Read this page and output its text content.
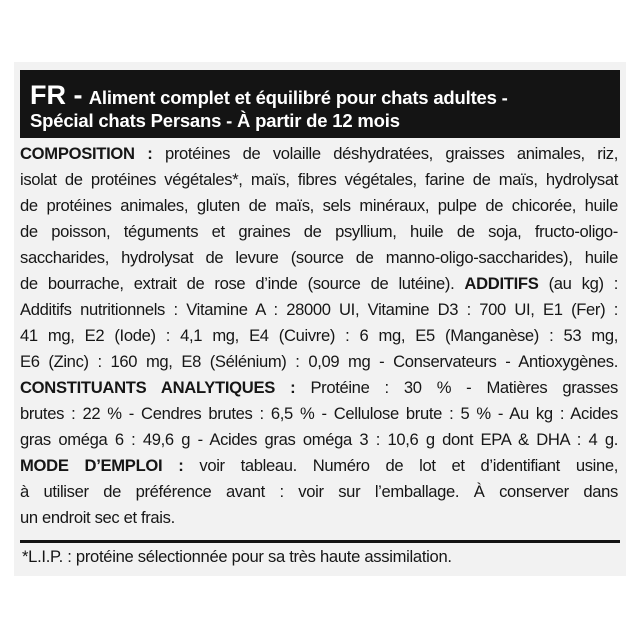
FR - Aliment complet et équilibré pour chats adultes -
Spécial chats Persans - À partir de 12 mois
COMPOSITION : protéines de volaille déshydratées, graisses animales, riz,
isolat de protéines végétales*, maïs, fibres végétales, farine de maïs, hydrolysat
de protéines animales, gluten de maïs, sels minéraux, pulpe de chicorée, huile
de poisson, téguments et graines de psyllium, huile de soja, fructo-oligo-
saccharides, hydrolysat de levure (source de manno-oligo-saccharides), huile
de bourrache, extrait de rose d’inde (source de lutéine). ADDITIFS (au kg) :
Additifs nutritionnels : Vitamine A : 28000 UI, Vitamine D3 : 700 UI, E1 (Fer) :
41 mg, E2 (Iode) : 4,1 mg, E4 (Cuivre) : 6 mg, E5 (Manganèse) : 53 mg,
E6 (Zinc) : 160 mg, E8 (Sélénium) : 0,09 mg - Conservateurs - Antioxygènes.
CONSTITUANTS ANALYTIQUES : Protéine : 30 % - Matières grasses
brutes : 22 % - Cendres brutes : 6,5 % - Cellulose brute : 5 % - Au kg : Acides
gras oméga 6 : 49,6 g - Acides gras oméga 3 : 10,6 g dont EPA & DHA : 4 g.
MODE D’EMPLOI : voir tableau. Numéro de lot et d’identifiant usine,
à utiliser de préférence avant : voir sur l’emballage. À conserver dans
un endroit sec et frais.
*L.I.P. : protéine sélectionnée pour sa très haute assimilation.
